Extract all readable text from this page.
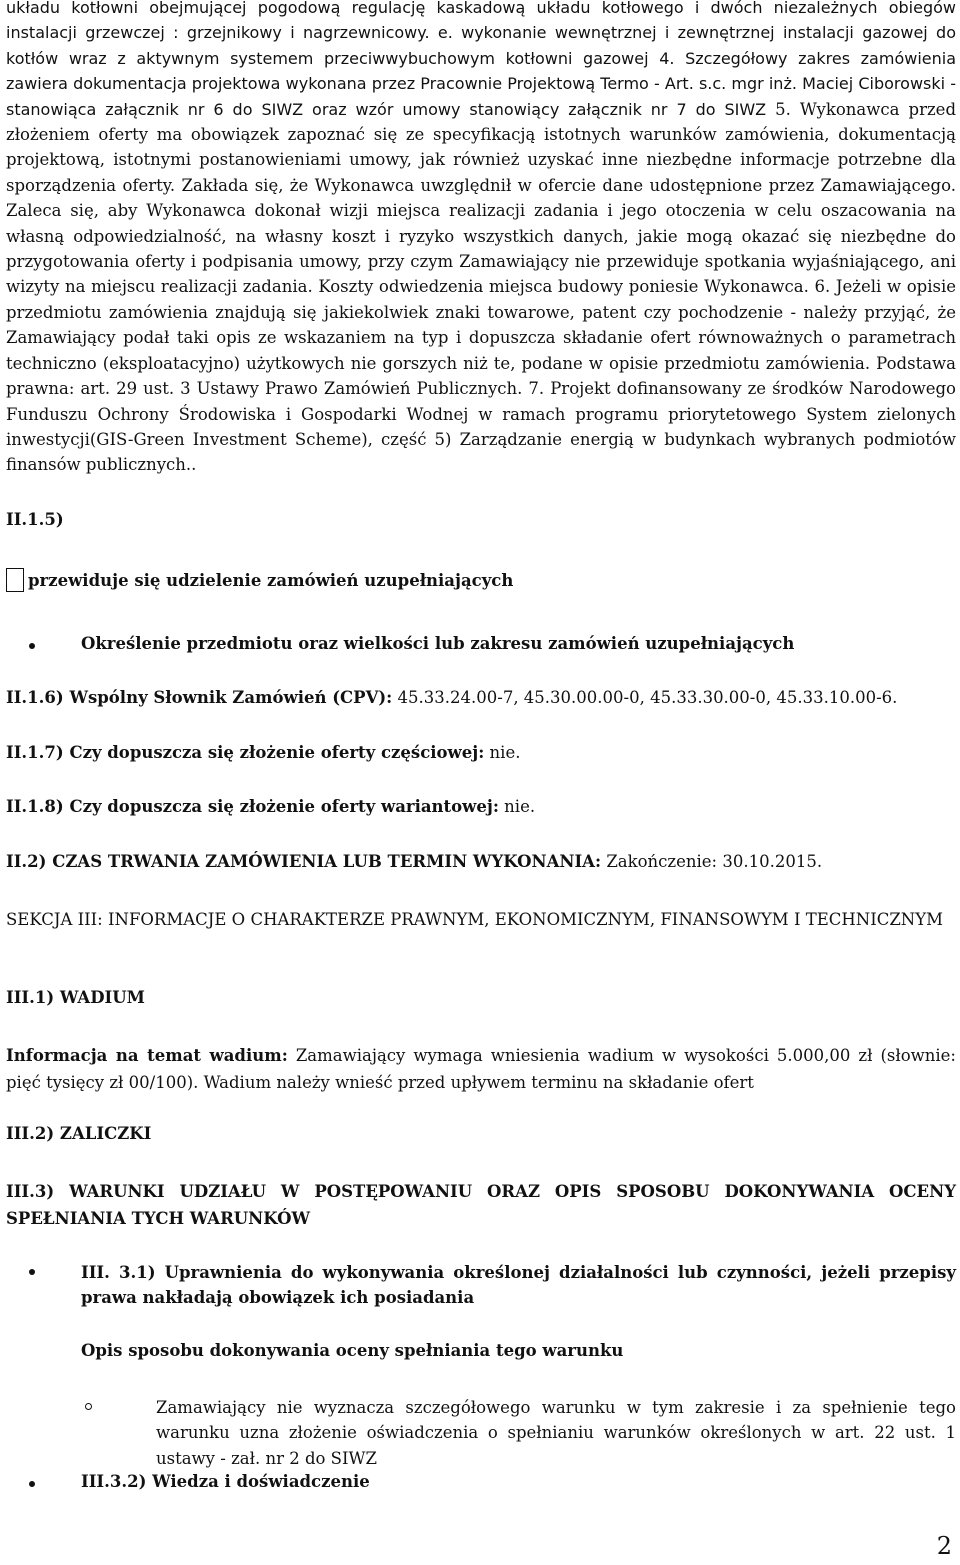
układu kotłowni obejmującej pogodową regulację kaskadową układu kotłowego i dwóch niezależnych obiegów instalacji grzewczej : grzejnikowy i nagrzewnicowy. e. wykonanie wewnętrznej i zewnętrznej instalacji gazowej do kotłów wraz z aktywnym systemem przeciwwybuchowym kotłowni gazowej 4. Szczegółowy zakres zamówienia zawiera dokumentacja projektowa wykonana przez Pracownie Projektową Termo - Art. s.c. mgr inż. Maciej Ciborowski - stanowiąca załącznik nr 6 do SIWZ oraz wzór umowy stanowiący załącznik nr 7 do SIWZ 5. Wykonawca przed złożeniem oferty ma obowiązek zapoznać się ze specyfikacją istotnych warunków zamówienia, dokumentacją projektową, istotnymi postanowieniami umowy, jak również uzyskać inne niezbędne informacje potrzebne dla sporządzenia oferty. Zakłada się, że Wykonawca uwzględnił w ofercie dane udostępnione przez Zamawiającego. Zaleca się, aby Wykonawca dokonał wizji miejsca realizacji zadania i jego otoczenia w celu oszacowania na własną odpowiedzialność, na własny koszt i ryzyko wszystkich danych, jakie mogą okazać się niezbędne do przygotowania oferty i podpisania umowy, przy czym Zamawiający nie przewiduje spotkania wyjaśniającego, ani wizyty na miejscu realizacji zadania. Koszty odwiedzenia miejsca budowy poniesie Wykonawca. 6. Jeżeli w opisie przedmiotu zamówienia znajdują się jakiekolwiek znaki towarowe, patent czy pochodzenie - należy przyjąć, że Zamawiający podał taki opis ze wskazaniem na typ i dopuszcza składanie ofert równoważnych o parametrach techniczno (eksploatacyjno) użytkowych nie gorszych niż te, podane w opisie przedmiotu zamówienia. Podstawa prawna: art. 29 ust. 3 Ustawy Prawo Zamówień Publicznych. 7. Projekt dofinansowany ze środków Narodowego Funduszu Ochrony Środowiska i Gospodarki Wodnej w ramach programu priorytetowego System zielonych inwestycji(GIS-Green Investment Scheme), część 5) Zarządzanie energią w budynkach wybranych podmiotów finansów publicznych..

II.1.5)
przewiduje się udzielenie zamówień uzupełniających
Określenie przedmiotu oraz wielkości lub zakresu zamówień uzupełniających
II.1.6) Wspólny Słownik Zamówień (CPV): 45.33.24.00-7, 45.30.00.00-0, 45.33.30.00-0, 45.33.10.00-6.
II.1.7) Czy dopuszcza się złożenie oferty częściowej: nie.
II.1.8) Czy dopuszcza się złożenie oferty wariantowej: nie.
II.2) CZAS TRWANIA ZAMÓWIENIA LUB TERMIN WYKONANIA: Zakończenie: 30.10.2015.

SEKCJA III: INFORMACJE O CHARAKTERZE PRAWNYM, EKONOMICZNYM, FINANSOWYM I TECHNICZNYM

III.1) WADIUM

Informacja na temat wadium: Zamawiający wymaga wniesienia wadium w wysokości 5.000,00 zł (słownie: pięć tysięcy zł 00/100). Wadium należy wnieść przed upływem terminu na składanie ofert

III.2) ZALICZKI

III.3) WARUNKI UDZIAŁU W POSTĘPOWANIU ORAZ OPIS SPOSOBU DOKONYWANIA OCENY SPEŁNIANIA TYCH WARUNKÓW

III. 3.1) Uprawnienia do wykonywania określonej działalności lub czynności, jeżeli przepisy prawa nakładają obowiązek ich posiadania
Opis sposobu dokonywania oceny spełniania tego warunku
Zamawiający nie wyznacza szczegółowego warunku w tym zakresie i za spełnienie tego warunku uzna złożenie oświadczenia o spełnianiu warunków określonych w art. 22 ust. 1 ustawy - zał. nr 2 do SIWZ
III.3.2) Wiedza i doświadczenie
2
